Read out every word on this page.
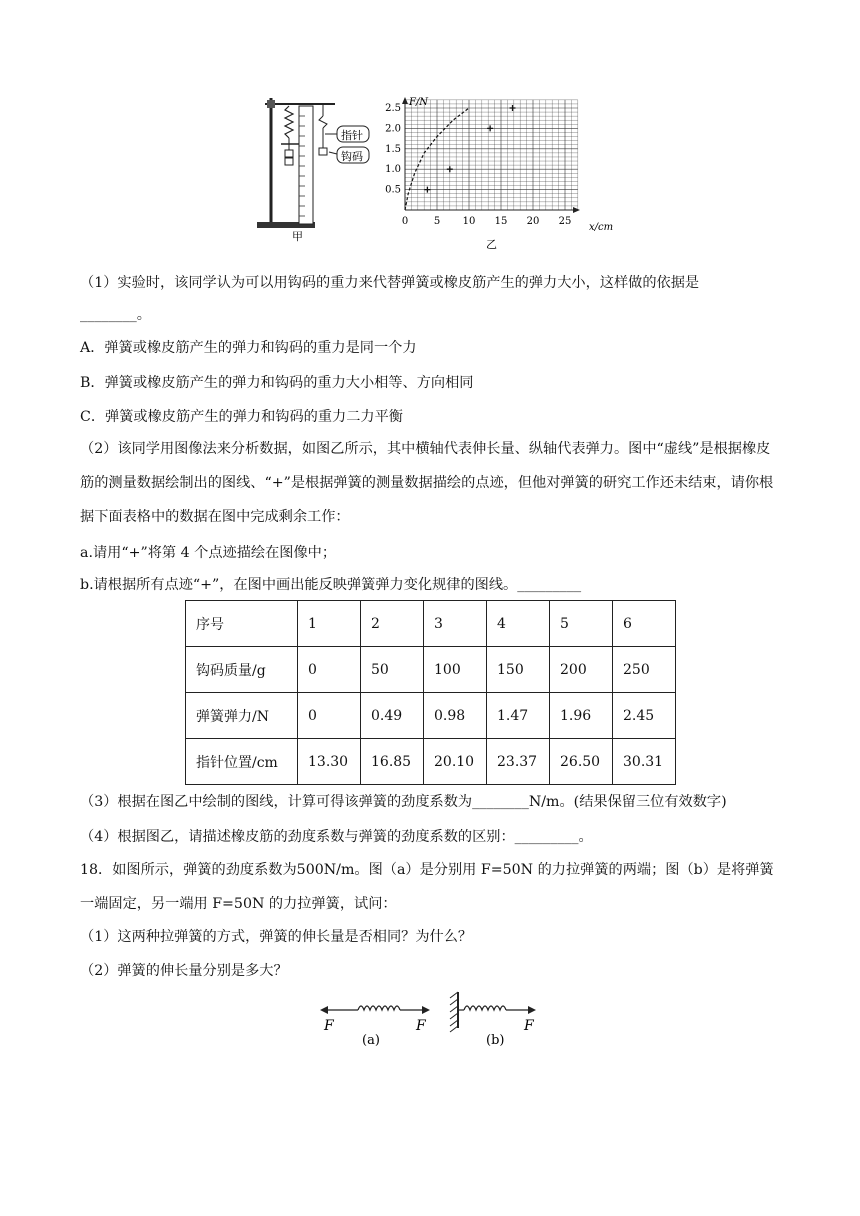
指针
钩码
甲
F/N
x/cm
2.5
2.0
1.5
1.0
0.5
0	5 10 15 20 25
乙
（1）实验时，该同学认为可以用钩码的重力来代替弹簧或橡皮筋产生的弹力大小，这样做的依据是
________。
A．弹簧或橡皮筋产生的弹力和钩码的重力是同一个力
B．弹簧或橡皮筋产生的弹力和钩码的重力大小相等、方向相同
C．弹簧或橡皮筋产生的弹力和钩码的重力二力平衡
（2）该同学用图像法来分析数据，如图乙所示，其中横轴代表伸长量、纵轴代表弹力。图中“虚线”是根据橡皮筋的测量数据绘制出的图线、“+”是根据弹簧的测量数据描绘的点迹，但他对弹簧的研究工作还未结束，请你根据下面表格中的数据在图中完成剩余工作：
a.请用“+”将第 4 个点迹描绘在图像中；
b.请根据所有点迹“+”，在图中画出能反映弹簧弹力变化规律的图线。_________
序号	1	2	3	4	5	6
钩码质量/g	0	50	100	150	200	250
弹簧弹力/N	0	0.49	0.98	1.47	1.96	2.45
指针位置/cm	13.30	16.85	20.10	23.37	26.50	30.31
（3）根据在图乙中绘制的图线，计算可得该弹簧的劲度系数为________N/m。(结果保留三位有效数字)
（4）根据图乙，请描述橡皮筋的劲度系数与弹簧的劲度系数的区别：_________。
18．如图所示，弹簧的劲度系数为500N/m。图（a）是分别用 F=50N 的力拉弹簧的两端；图（b）是将弹簧一端固定，另一端用 F=50N 的力拉弹簧，试问：
（1）这两种拉弹簧的方式，弹簧的伸长量是否相同？为什么？
（2）弹簧的伸长量分别是多大？
F	F
(a)
F
(b)
